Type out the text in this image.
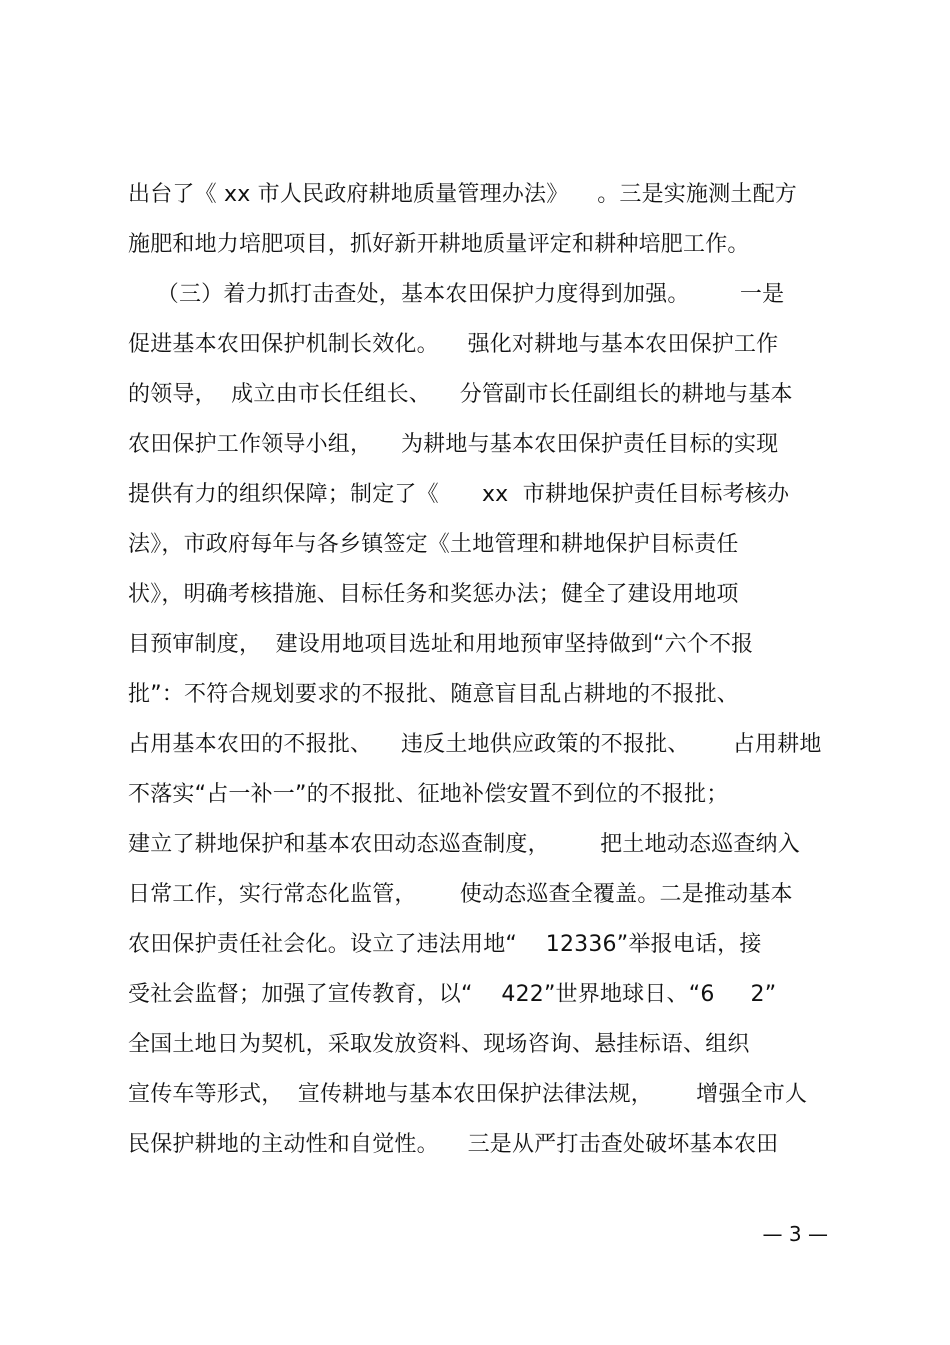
出台了《 xx 市人民政府耕地质量管理办法》    。三是实施测土配方
施肥和地力培肥项目，抓好新开耕地质量评定和耕种培肥工作。
（三）着力抓打击查处，基本农田保护力度得到加强。       一是
促进基本农田保护机制长效化。    强化对耕地与基本农田保护工作
的领导，  成立由市长任组长、    分管副市长任副组长的耕地与基本
农田保护工作领导小组，    为耕地与基本农田保护责任目标的实现
提供有力的组织保障；制定了《      xx  市耕地保护责任目标考核办
法》，市政府每年与各乡镇签定《土地管理和耕地保护目标责任
状》，明确考核措施、目标任务和奖惩办法；健全了建设用地项
目预审制度，  建设用地项目选址和用地预审坚持做到“六个不报
批”：不符合规划要求的不报批、随意盲目乱占耕地的不报批、
占用基本农田的不报批、    违反土地供应政策的不报批、      占用耕地
不落实“占一补一”的不报批、征地补偿安置不到位的不报批；
建立了耕地保护和基本农田动态巡查制度，       把土地动态巡查纳入
日常工作，实行常态化监管，      使动态巡查全覆盖。二是推动基本
农田保护责任社会化。设立了违法用地“    12336”举报电话，接
受社会监督；加强了宣传教育，以“    422”世界地球日、“6     2”
全国土地日为契机，采取发放资料、现场咨询、悬挂标语、组织
宣传车等形式，  宣传耕地与基本农田保护法律法规，      增强全市人
民保护耕地的主动性和自觉性。    三是从严打击查处破坏基本农田
— 3 —
